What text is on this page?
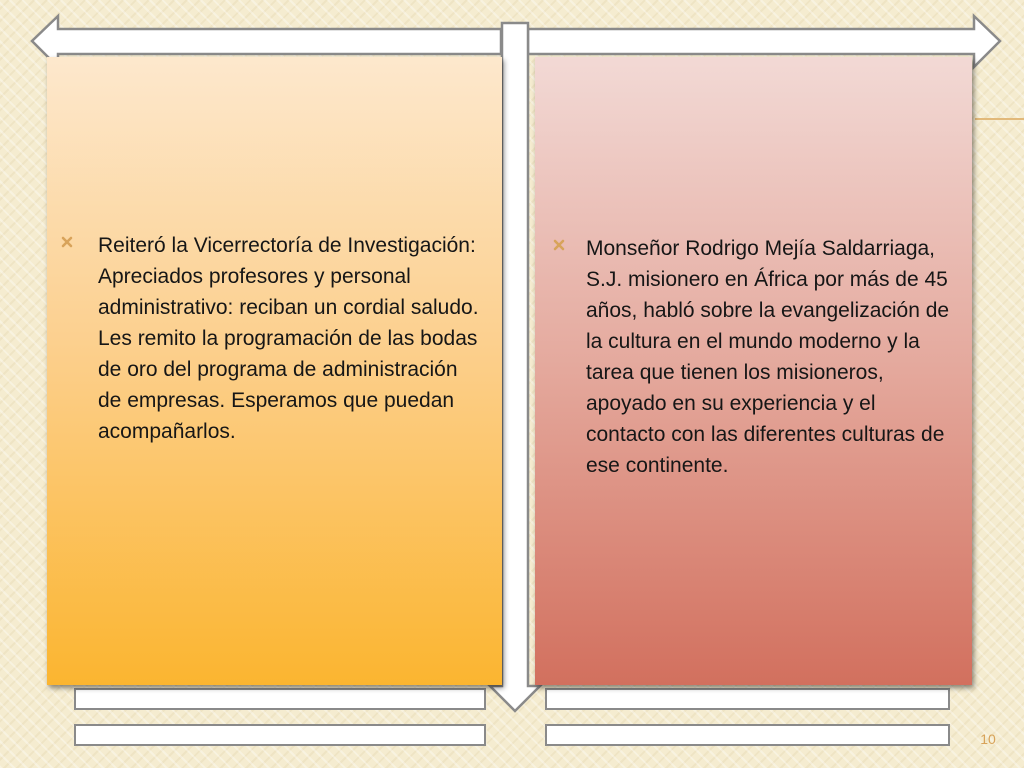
Reiteró la Vicerrectoría de Investigación: Apreciados profesores y personal administrativo: reciban un cordial saludo. Les remito la programación de las bodas de oro del programa de administración de empresas. Esperamos que puedan acompañarlos.
Monseñor Rodrigo Mejía Saldarriaga, S.J. misionero en África por más de 45 años, habló sobre la evangelización de la cultura en el mundo moderno y la tarea que tienen los misioneros, apoyado en su experiencia y el contacto con las diferentes culturas de ese continente.
10
